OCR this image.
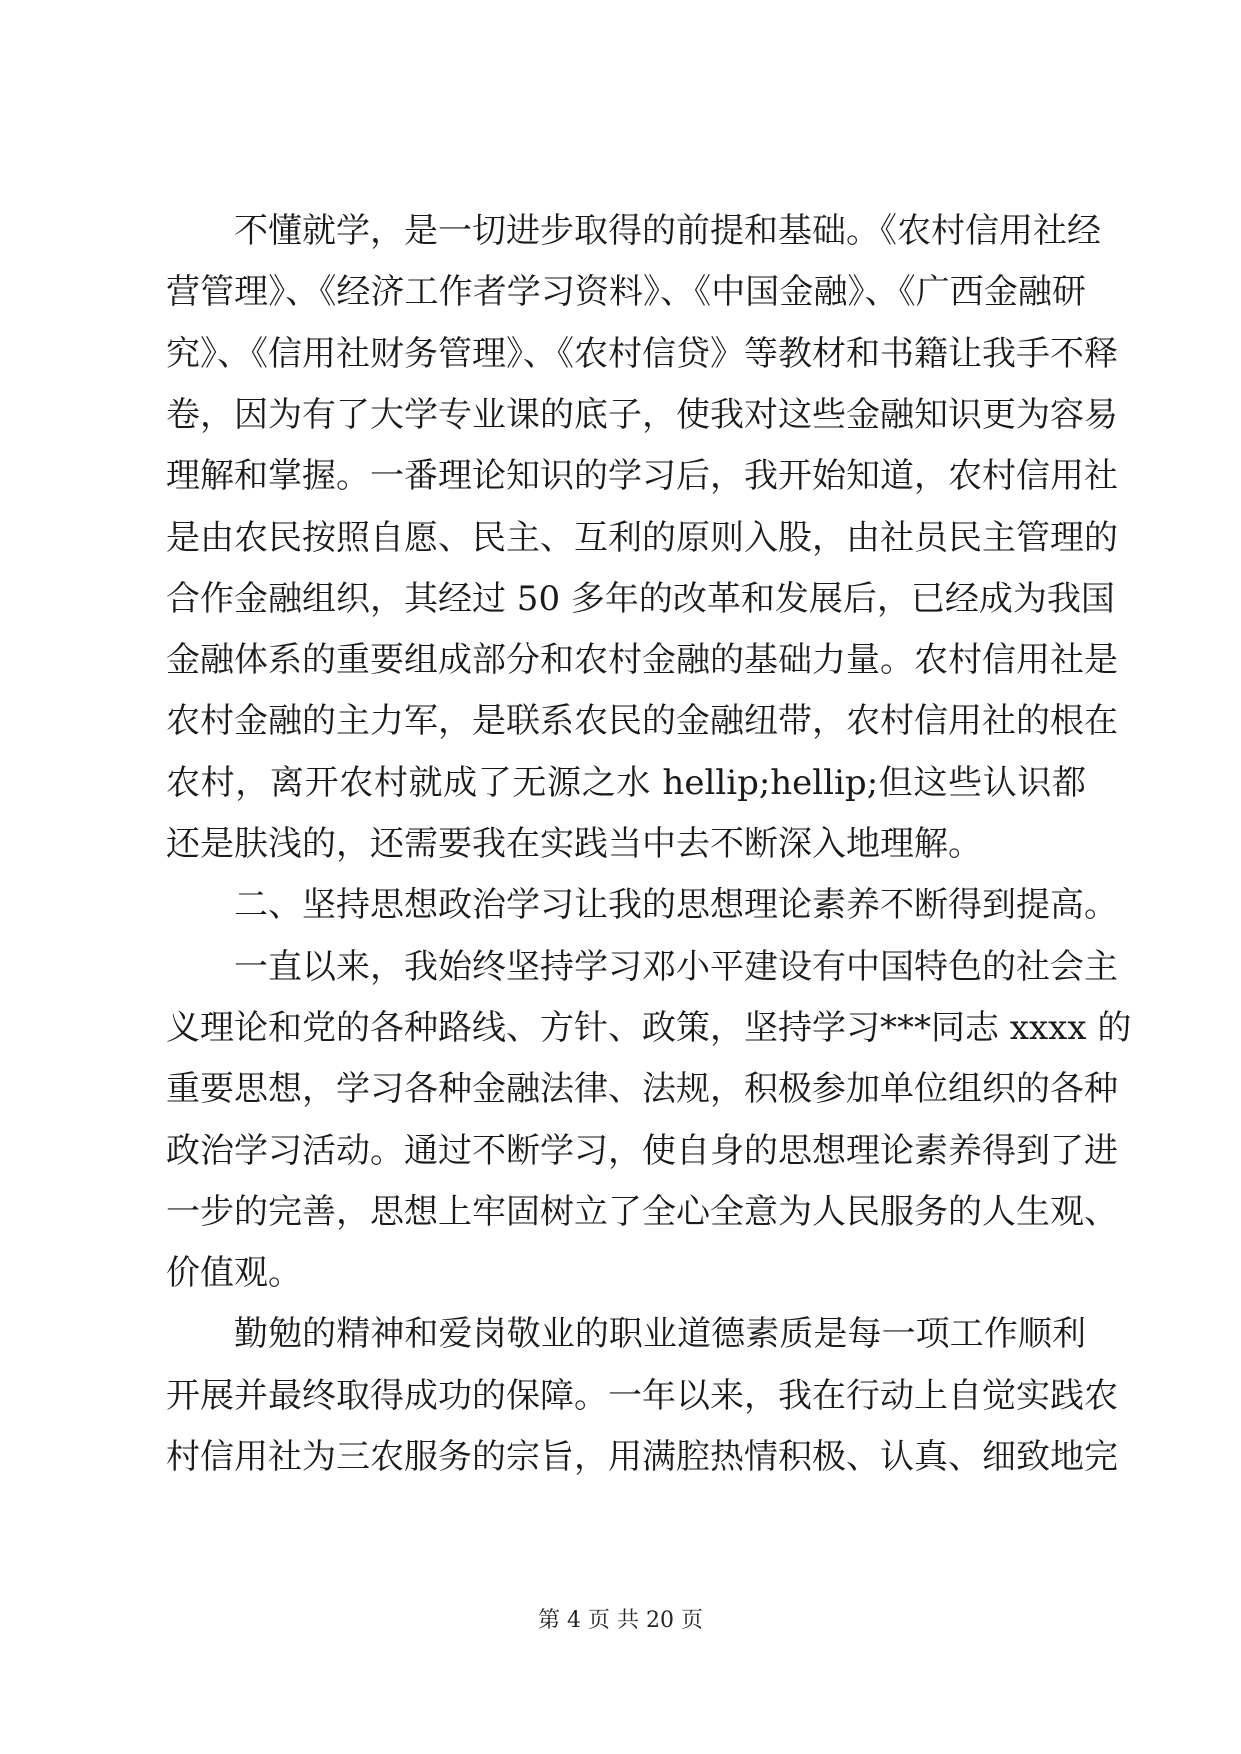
不懂就学，是一切进步取得的前提和基础。《农村信用社经
营管理》、《经济工作者学习资料》、《中国金融》、《广西金融研
究》、《信用社财务管理》、《农村信贷》等教材和书籍让我手不释
卷，因为有了大学专业课的底子，使我对这些金融知识更为容易
理解和掌握。一番理论知识的学习后，我开始知道，农村信用社
是由农民按照自愿、民主、互利的原则入股，由社员民主管理的
合作金融组织，其经过 50 多年的改革和发展后，已经成为我国
金融体系的重要组成部分和农村金融的基础力量。农村信用社是
农村金融的主力军，是联系农民的金融纽带，农村信用社的根在
农村，离开农村就成了无源之水 hellip;hellip;但这些认识都
还是肤浅的，还需要我在实践当中去不断深入地理解。
二、坚持思想政治学习让我的思想理论素养不断得到提高。
一直以来，我始终坚持学习邓小平建设有中国特色的社会主
义理论和党的各种路线、方针、政策，坚持学习***同志 xxxx 的
重要思想，学习各种金融法律、法规，积极参加单位组织的各种
政治学习活动。通过不断学习，使自身的思想理论素养得到了进
一步的完善，思想上牢固树立了全心全意为人民服务的人生观、
价值观。
勤勉的精神和爱岗敬业的职业道德素质是每一项工作顺利
开展并最终取得成功的保障。一年以来，我在行动上自觉实践农
村信用社为三农服务的宗旨，用满腔热情积极、认真、细致地完
第 4 页 共 20 页
